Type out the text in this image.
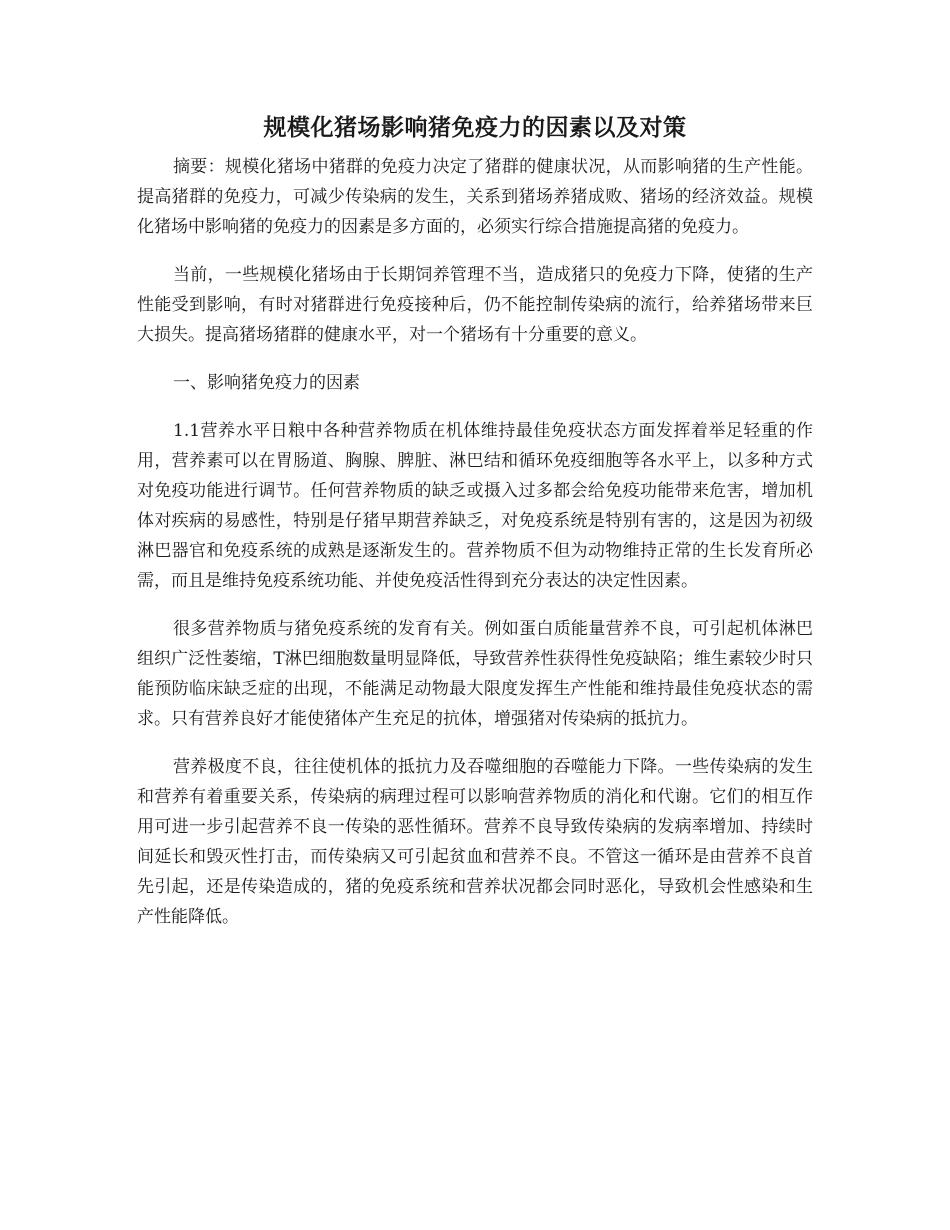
规模化猪场影响猪免疫力的因素以及对策

摘要：规模化猪场中猪群的免疫力决定了猪群的健康状况，从而影响猪的生产性能。提高猪群的免疫力，可减少传染病的发生，关系到猪场养猪成败、猪场的经济效益。规模化猪场中影响猪的免疫力的因素是多方面的，必须实行综合措施提高猪的免疫力。

当前，一些规模化猪场由于长期饲养管理不当，造成猪只的免疫力下降，使猪的生产性能受到影响，有时对猪群进行免疫接种后，仍不能控制传染病的流行，给养猪场带来巨大损失。提高猪场猪群的健康水平，对一个猪场有十分重要的意义。

一、影响猪免疫力的因素

1.1营养水平日粮中各种营养物质在机体维持最佳免疫状态方面发挥着举足轻重的作用，营养素可以在胃肠道、胸腺、脾脏、淋巴结和循环免疫细胞等各水平上，以多种方式对免疫功能进行调节。任何营养物质的缺乏或摄入过多都会给免疫功能带来危害，增加机体对疾病的易感性，特别是仔猪早期营养缺乏，对免疫系统是特别有害的，这是因为初级淋巴器官和免疫系统的成熟是逐渐发生的。营养物质不但为动物维持正常的生长发育所必需，而且是维持免疫系统功能、并使免疫活性得到充分表达的决定性因素。

很多营养物质与猪免疫系统的发育有关。例如蛋白质能量营养不良，可引起机体淋巴组织广泛性萎缩，T淋巴细胞数量明显降低，导致营养性获得性免疫缺陷；维生素较少时只能预防临床缺乏症的出现，不能满足动物最大限度发挥生产性能和维持最佳免疫状态的需求。只有营养良好才能使猪体产生充足的抗体，增强猪对传染病的抵抗力。

营养极度不良，往往使机体的抵抗力及吞噬细胞的吞噬能力下降。一些传染病的发生和营养有着重要关系，传染病的病理过程可以影响营养物质的消化和代谢。它们的相互作用可进一步引起营养不良一传染的恶性循环。营养不良导致传染病的发病率增加、持续时间延长和毁灭性打击，而传染病又可引起贫血和营养不良。不管这一循环是由营养不良首先引起，还是传染造成的，猪的免疫系统和营养状况都会同时恶化，导致机会性感染和生产性能降低。
